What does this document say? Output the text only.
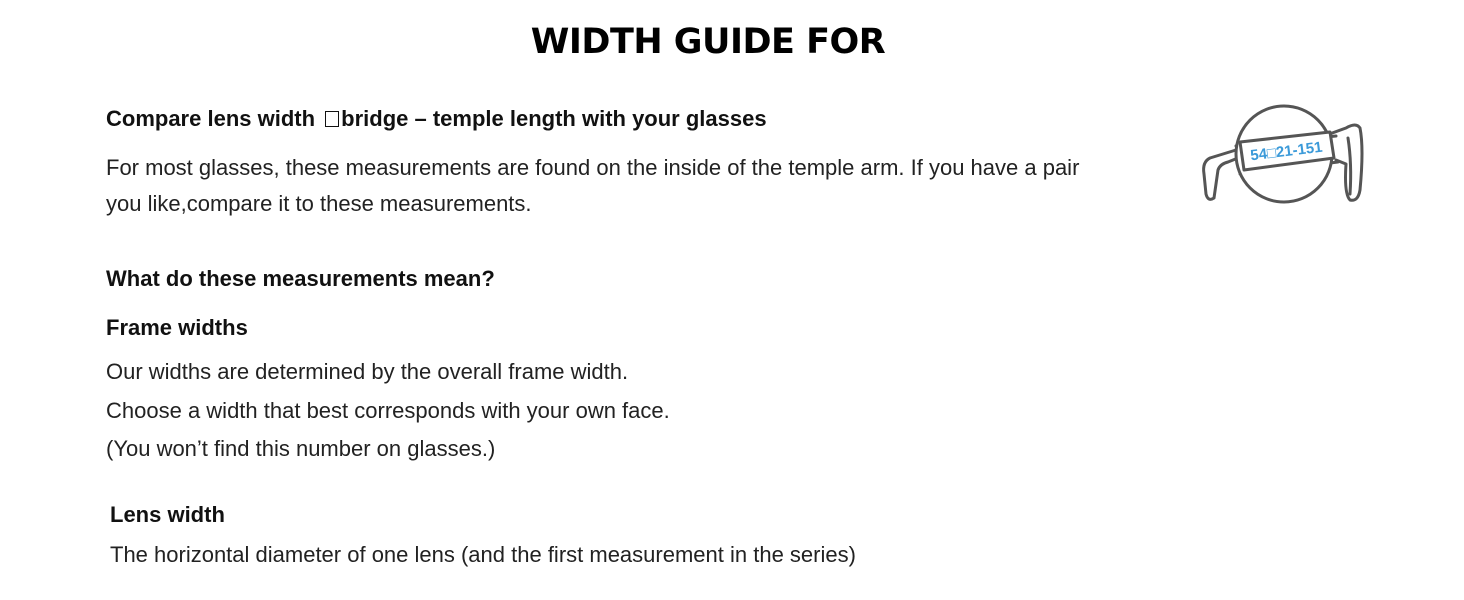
WIDTH GUIDE FOR
Compare lens width bridge – temple length with your glasses
For most glasses, these measurements are found on the inside of the temple arm. If you have a pair
you like,compare it to these measurements.
What do these measurements mean?
Frame widths
Our widths are determined by the overall frame width.
Choose a width that best corresponds with your own face.
(You won’t find this number on glasses.)
Lens width
The horizontal diameter of one lens (and the first measurement in the series)
54□21-151
